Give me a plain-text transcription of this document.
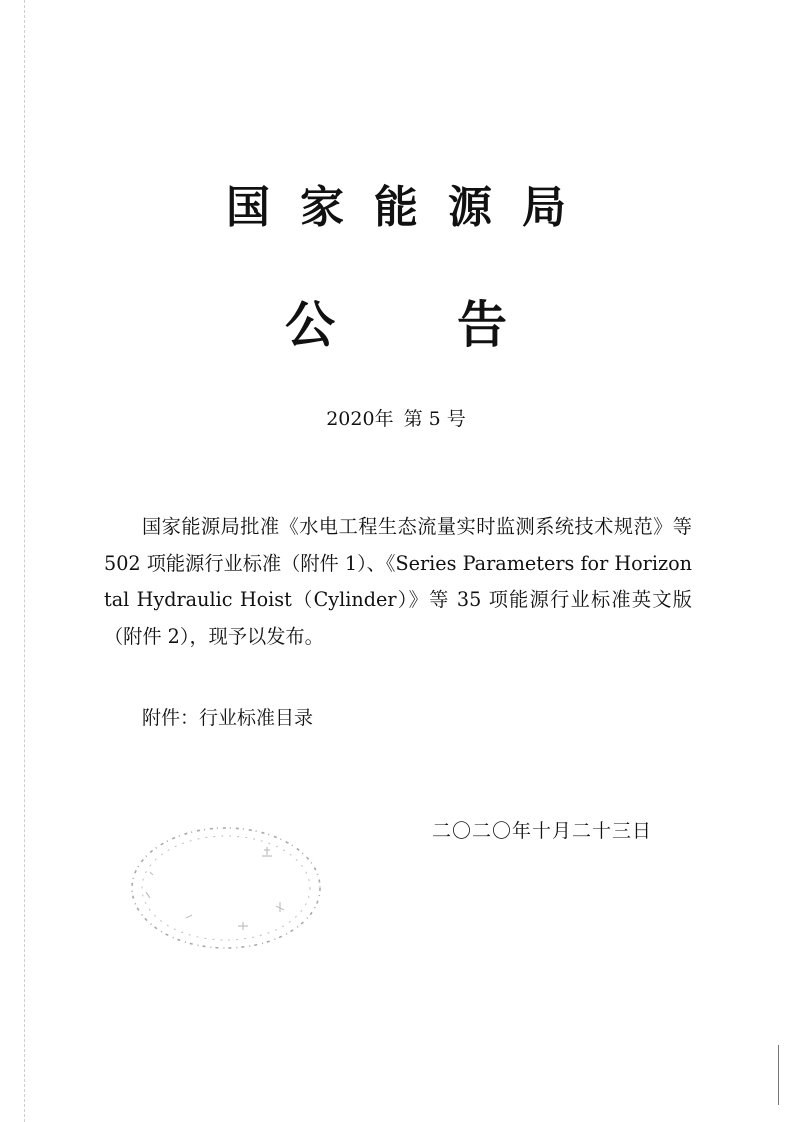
国家能源局
公告
2020年 第 5 号
国家能源局批准《水电工程生态流量实时监测系统技术规范》等 502 项能源行业标准（附件 1）、《Series Parameters for Horizontal Hydraulic Hoist（Cylinder）》等 35 项能源行业标准英文版（附件 2），现予以发布。
附件：行业标准目录
二〇二〇年十月二十三日
